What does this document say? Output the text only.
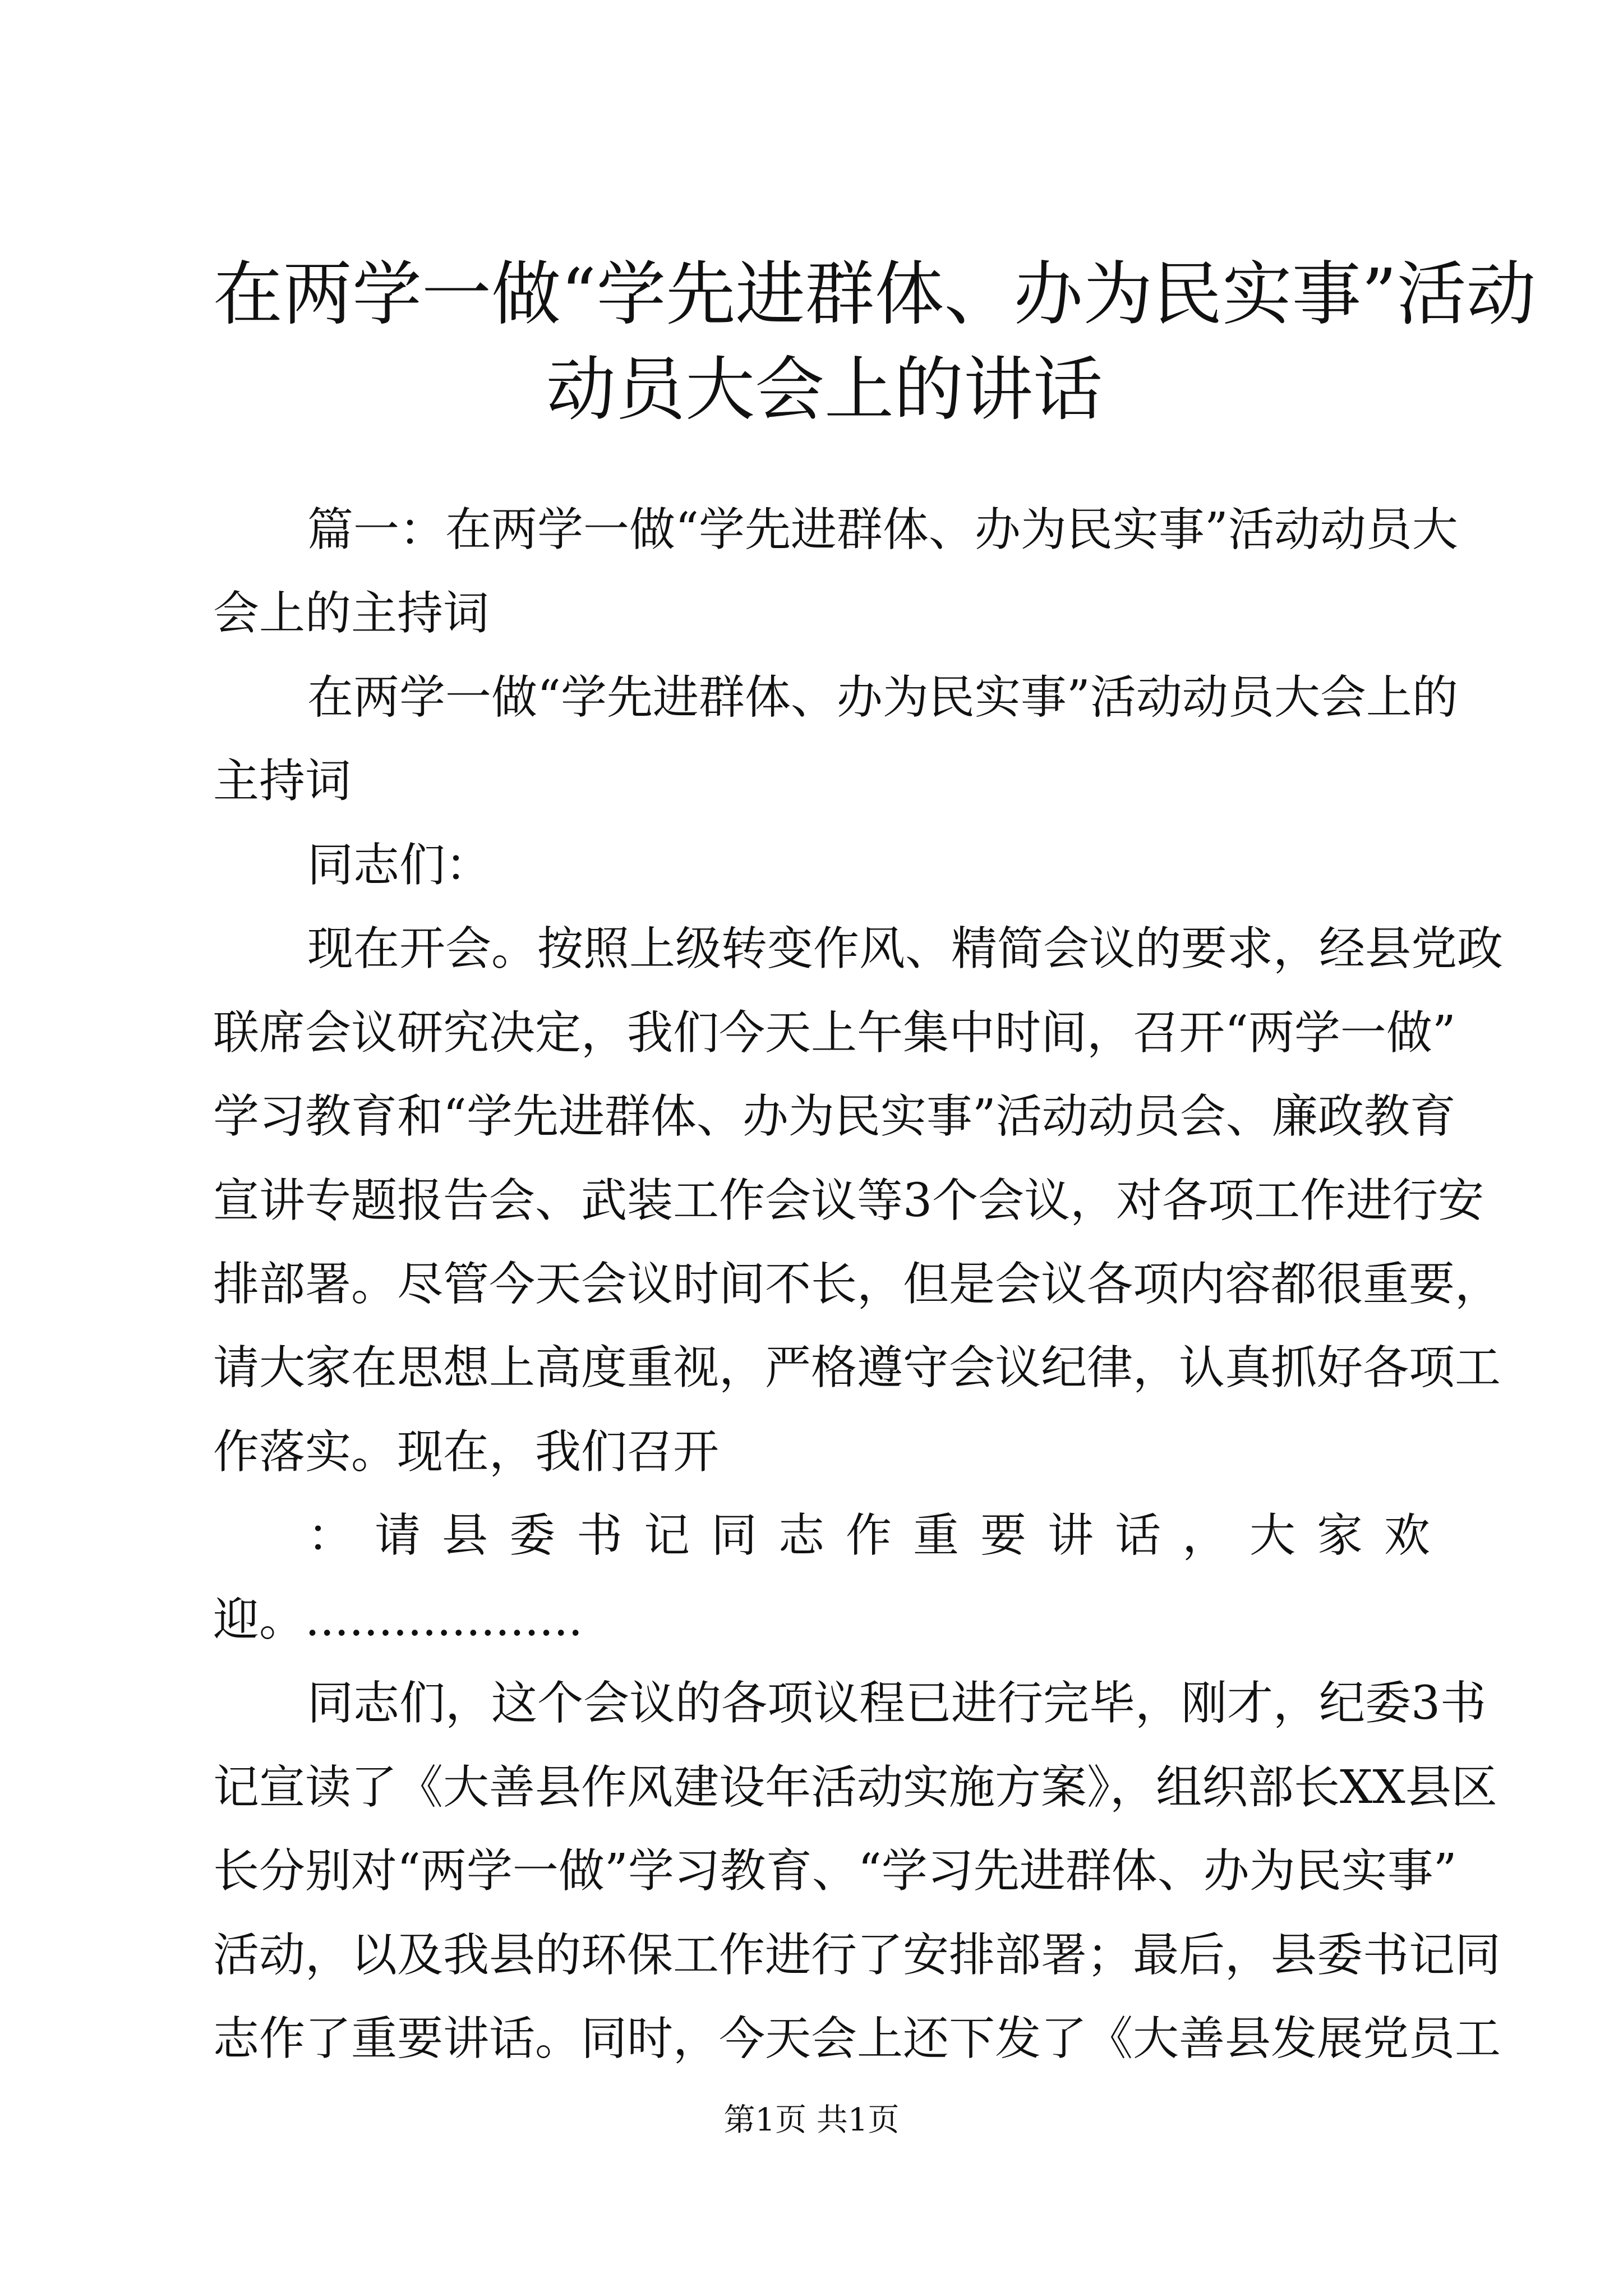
在两学一做“学先进群体、办为民实事”活动
动员大会上的讲话

篇一：在两学一做“学先进群体、办为民实事”活动动员大

会上的主持词

在两学一做“学先进群体、办为民实事”活动动员大会上的

主持词

同志们：

现在开会。按照上级转变作风、精简会议的要求，经县党政

联席会议研究决定，我们今天上午集中时间，召开“两学一做”

学习教育和“学先进群体、办为民实事”活动动员会、廉政教育

宣讲专题报告会、武装工作会议等3个会议，对各项工作进行安

排部署。尽管今天会议时间不长，但是会议各项内容都很重要，

请大家在思想上高度重视，严格遵守会议纪律，认真抓好各项工

作落实。现在，我们召开

：请县委书记同志作重要讲话，大家欢

迎。...................

同志们，这个会议的各项议程已进行完毕，刚才，纪委3书

记宣读了《大善县作风建设年活动实施方案》，组织部长XX县区

长分别对“两学一做”学习教育、“学习先进群体、办为民实事”

活动，以及我县的环保工作进行了安排部署；最后，县委书记同

志作了重要讲话。同时，今天会上还下发了《大善县发展党员工

第1页 共1页
